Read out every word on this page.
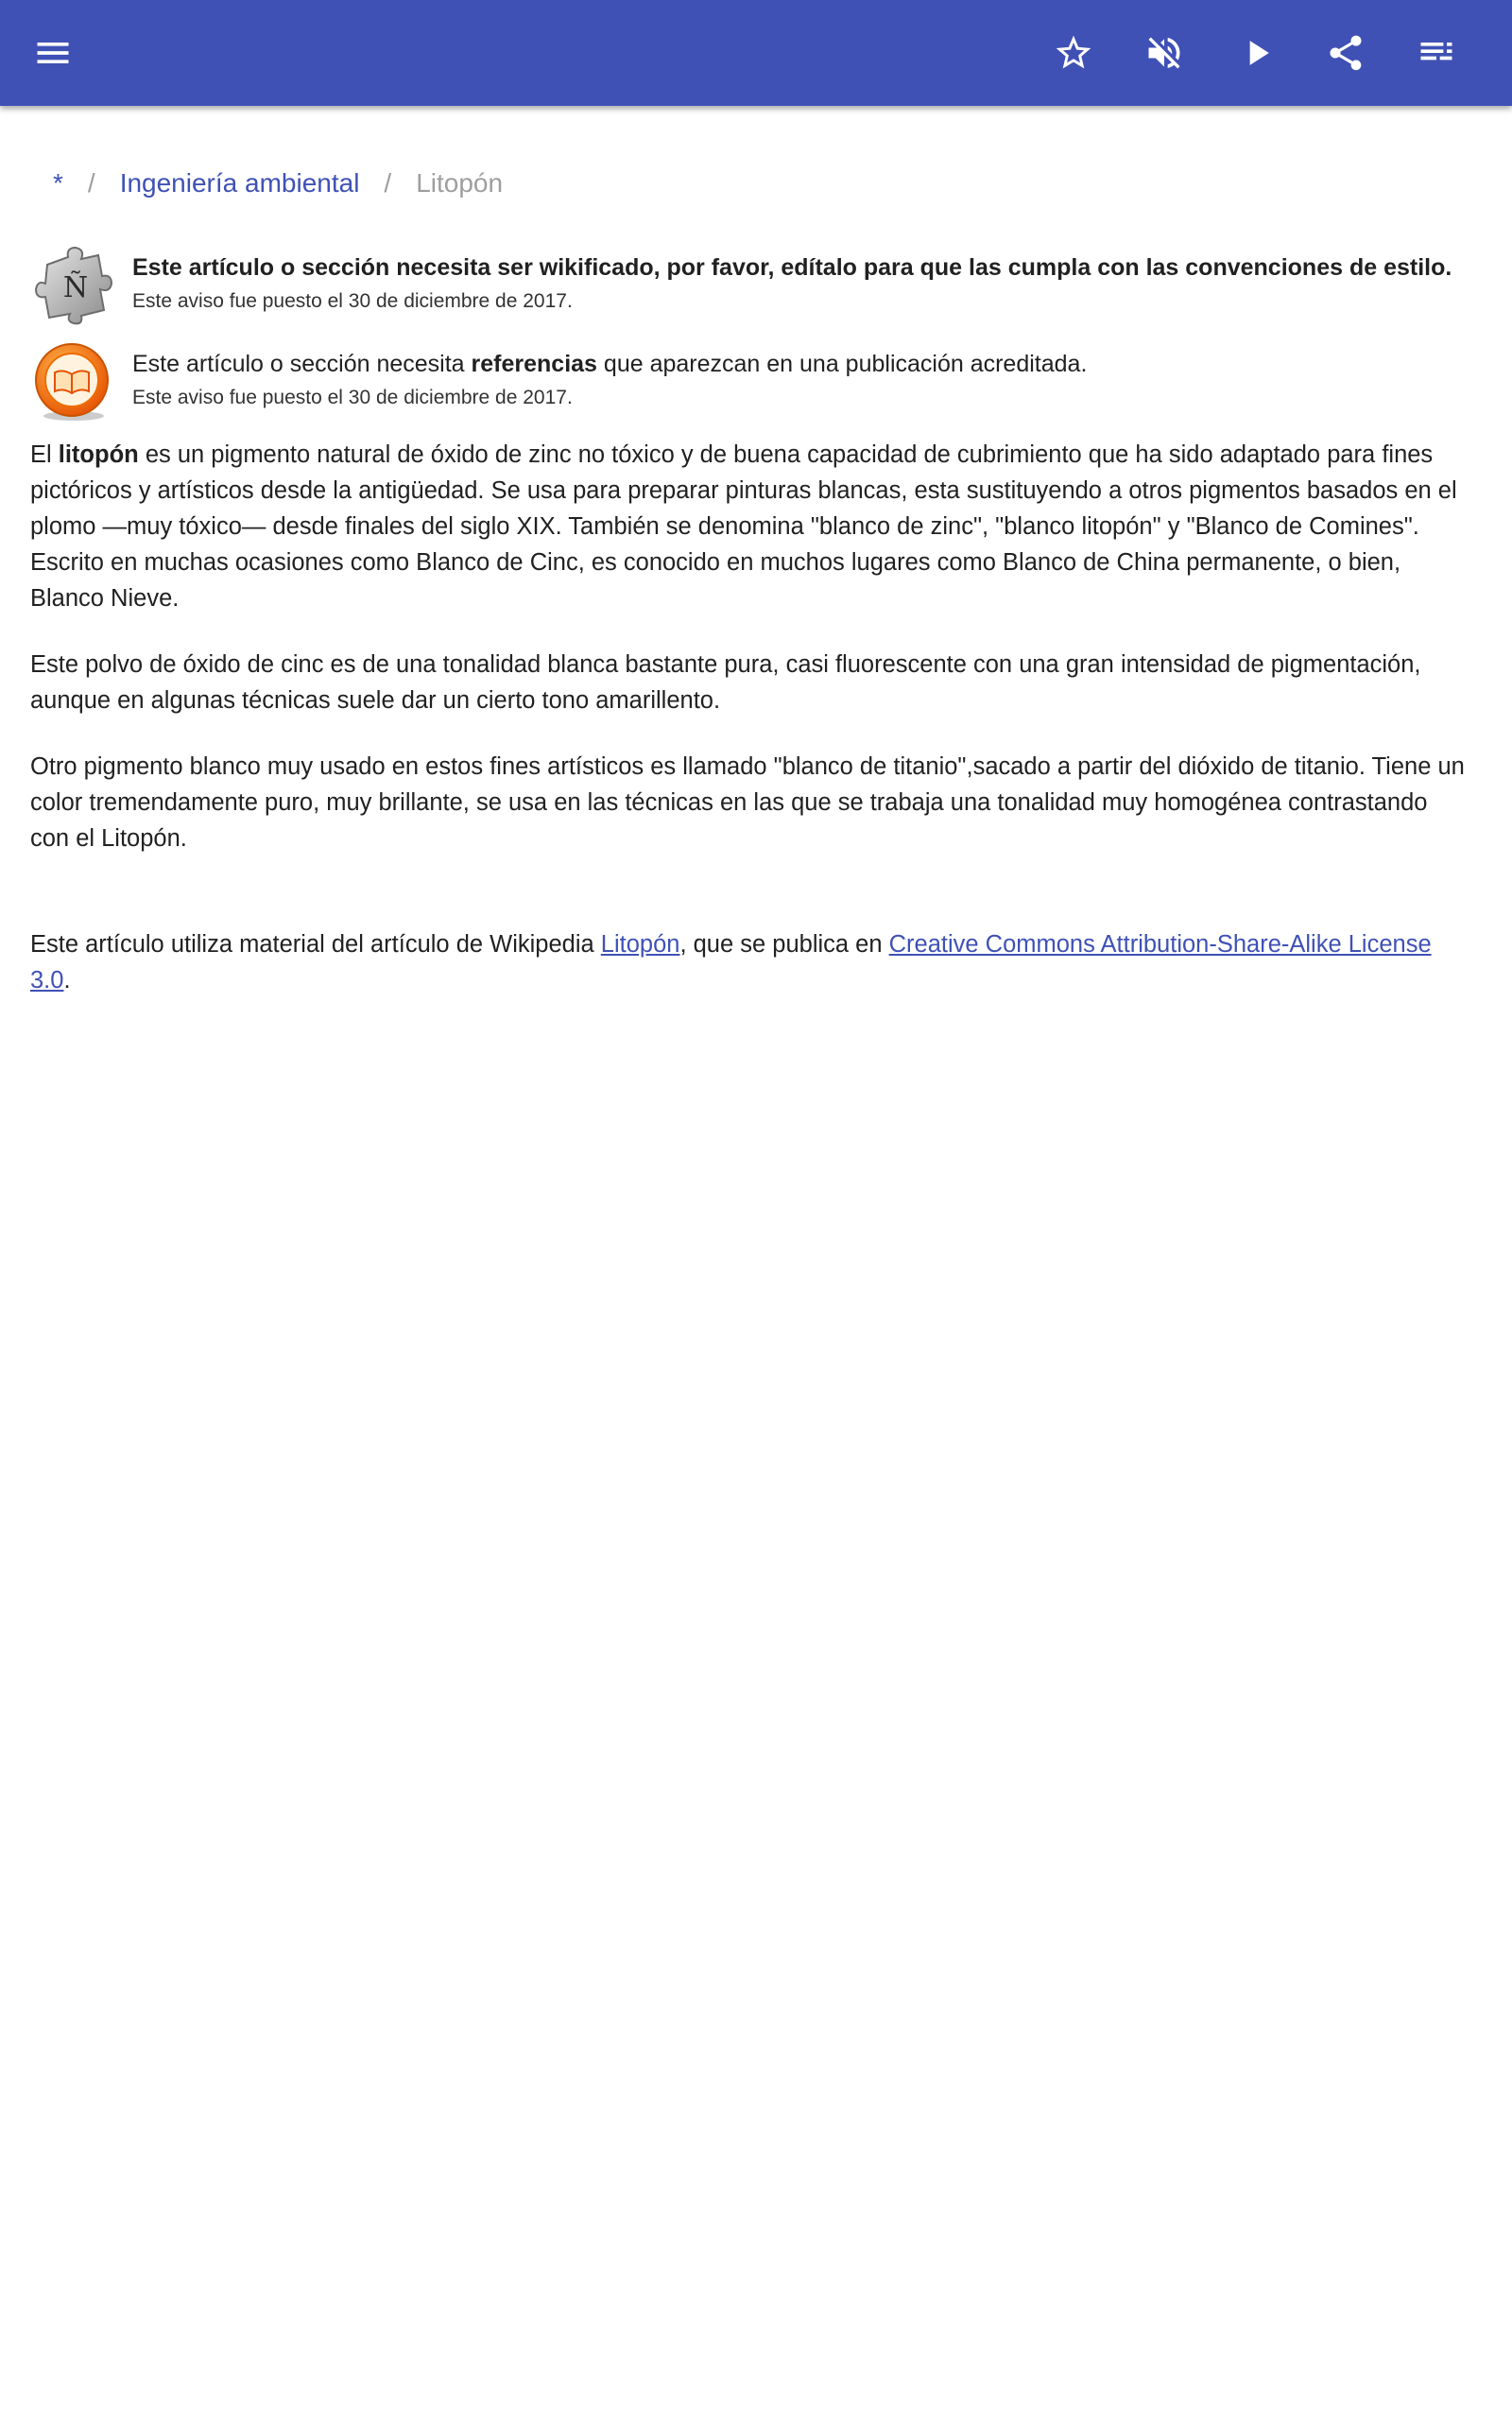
* / Ingeniería ambiental / Litopón
Ñ
Este artículo o sección necesita ser wikificado, por favor, edítalo para que las cumpla con las convenciones de estilo.
Este aviso fue puesto el 30 de diciembre de 2017.
Este artículo o sección necesita referencias que aparezcan en una publicación acreditada.
Este aviso fue puesto el 30 de diciembre de 2017.

El litopón es un pigmento natural de óxido de zinc no tóxico y de buena capacidad de cubrimiento que ha sido adaptado para fines pictóricos y artísticos desde la antigüedad. Se usa para preparar pinturas blancas, esta sustituyendo a otros pigmentos basados en el plomo —muy tóxico— desde finales del siglo XIX. También se denomina "blanco de zinc", "blanco litopón" y "Blanco de Comines". Escrito en muchas ocasiones como Blanco de Cinc, es conocido en muchos lugares como Blanco de China permanente, o bien, Blanco Nieve.

Este polvo de óxido de cinc es de una tonalidad blanca bastante pura, casi fluorescente con una gran intensidad de pigmentación, aunque en algunas técnicas suele dar un cierto tono amarillento.

Otro pigmento blanco muy usado en estos fines artísticos es llamado "blanco de titanio",sacado a partir del dióxido de titanio. Tiene un color tremendamente puro, muy brillante, se usa en las técnicas en las que se trabaja una tonalidad muy homogénea contrastando con el Litopón.

Este artículo utiliza material del artículo de Wikipedia Litopón, que se publica en Creative Commons Attribution-Share-Alike License 3.0.
